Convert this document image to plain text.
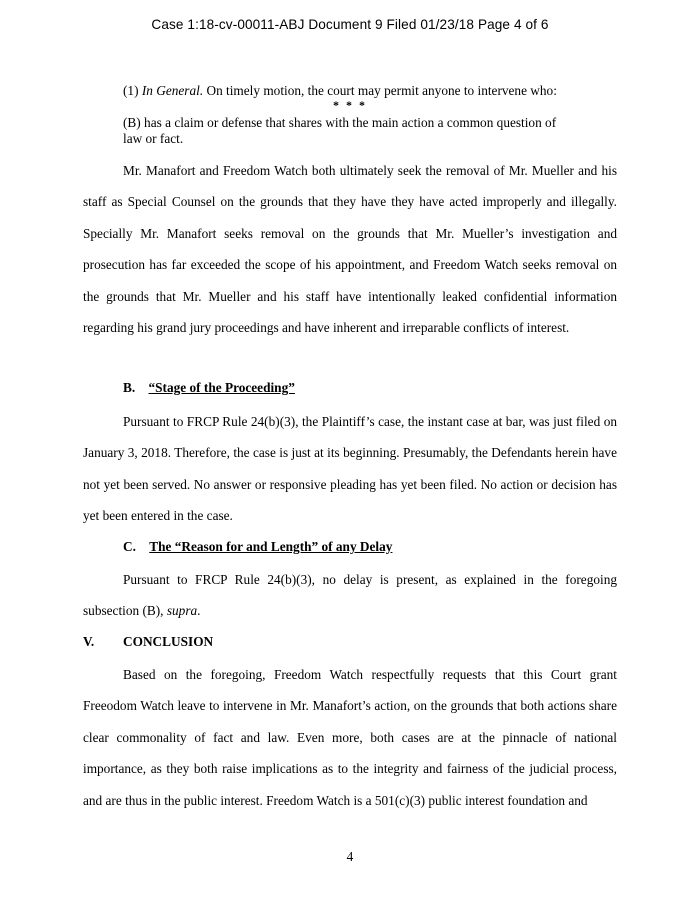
Case 1:18-cv-00011-ABJ Document 9 Filed 01/23/18 Page 4 of 6
(1) In General. On timely motion, the court may permit anyone to intervene who:
* * *
(B) has a claim or defense that shares with the main action a common question of law or fact.
Mr. Manafort and Freedom Watch both ultimately seek the removal of Mr. Mueller and his staff as Special Counsel on the grounds that they have they have acted improperly and illegally. Specially Mr. Manafort seeks removal on the grounds that Mr. Mueller’s investigation and prosecution has far exceeded the scope of his appointment, and Freedom Watch seeks removal on the grounds that Mr. Mueller and his staff have intentionally leaked confidential information regarding his grand jury proceedings and have inherent and irreparable conflicts of interest.
B. “Stage of the Proceeding”
Pursuant to FRCP Rule 24(b)(3), the Plaintiff’s case, the instant case at bar, was just filed on January 3, 2018. Therefore, the case is just at its beginning. Presumably, the Defendants herein have not yet been served. No answer or responsive pleading has yet been filed. No action or decision has yet been entered in the case.
C. The “Reason for and Length” of any Delay
Pursuant to FRCP Rule 24(b)(3), no delay is present, as explained in the foregoing subsection (B), supra.
V. CONCLUSION
Based on the foregoing, Freedom Watch respectfully requests that this Court grant Freeodom Watch leave to intervene in Mr. Manafort’s action, on the grounds that both actions share clear commonality of fact and law. Even more, both cases are at the pinnacle of national importance, as they both raise implications as to the integrity and fairness of the judicial process, and are thus in the public interest. Freedom Watch is a 501(c)(3) public interest foundation and
4
